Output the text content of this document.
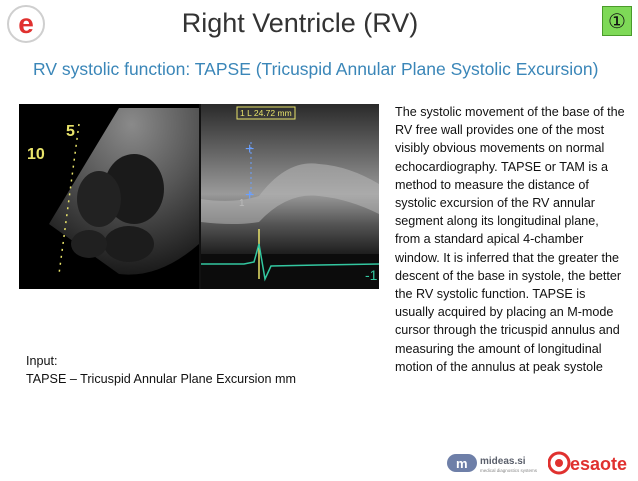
e	Right Ventricle (RV)	①
RV systolic function: TAPSE (Tricuspid Annular Plane Systolic Excursion)
5
10
1 L 24.72 mm
+
+
1
-1
The systolic movement of the base of the RV free wall provides one of the most visibly obvious movements on normal echocardiography. TAPSE or TAM is a method to measure the distance of systolic excursion of the RV annular segment along its longitudinal plane, from a standard apical 4-chamber window. It is inferred that the greater the descent of the base in systole, the better the RV systolic function. TAPSE is usually acquired by placing an M-mode cursor through the tricuspid annulus and measuring the amount of longitudinal motion of the annulus at peak systole
Input:
TAPSE – Tricuspid Annular Plane Excursion mm
m mideas.si
medical diagnostics systems esaote
